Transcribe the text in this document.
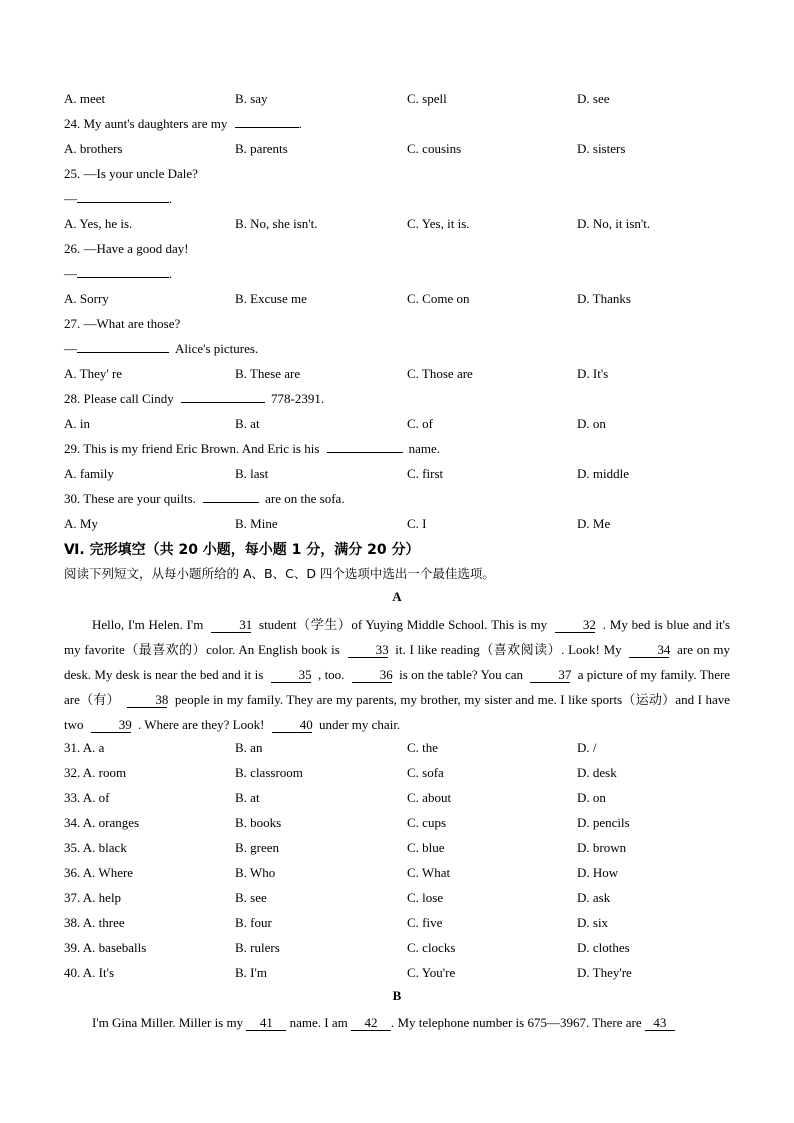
A. meet	B. say	C. spell	D. see
24. My aunt's daughters are my	.
A. brothers	B. parents	C. cousins	D. sisters
25. —Is your uncle Dale?
—	.
A. Yes, he is.	B. No, she isn't.	C. Yes, it is.	D. No, it isn't.
26. —Have a good day!
—	.
A. Sorry	B. Excuse me	C. Come on	D. Thanks
27. —What are those?
—	Alice's pictures.
A. They' re	B. These are	C. Those are	D. It's
28. Please call Cindy	778-2391.
A. in	B. at	C. of	D. on
29. This is my friend Eric Brown. And Eric is his	name.
A. family	B. last	C. first	D. middle
30. These are your quilts.	are on the sofa.
A. My	B. Mine	C. I	D. Me
Ⅵ. 完形填空（共 20 小题，每小题 1 分，满分 20 分）
阅读下列短文，从每小题所给的 A、B、C、D 四个选项中选出一个最佳选项。
A
Hello, I'm Helen. I'm	31 student（学生）of Yuying Middle School. This is my	32 . My bed is blue and it's my favorite（最喜欢的）color. An English book is	33 it. I like reading（喜欢阅读）. Look! My	34 are on my desk. My desk is near the bed and it is	35 , too.	36 is on the table? You can	37 a picture of my family. There are（有）	38 people in my family. They are my parents, my brother, my sister and me. I like sports（运动）and I have two	39 . Where are they? Look!	40 under my chair.
31. A. a	B. an	C. the	D. /
32. A. room	B. classroom	C. sofa	D. desk
33. A. of	B. at	C. about	D. on
34. A. oranges	B. books	C. cups	D. pencils
35. A. black	B. green	C. blue	D. brown
36. A. Where	B. Who	C. What	D. How
37. A. help	B. see	C. lose	D. ask
38. A. three	B. four	C. five	D. six
39. A. baseballs	B. rulers	C. clocks	D. clothes
40. A. It's	B. I'm	C. You're	D. They're
B
I'm Gina Miller. Miller is my 41 name. I am 42 . My telephone number is 675—3967. There are 43
